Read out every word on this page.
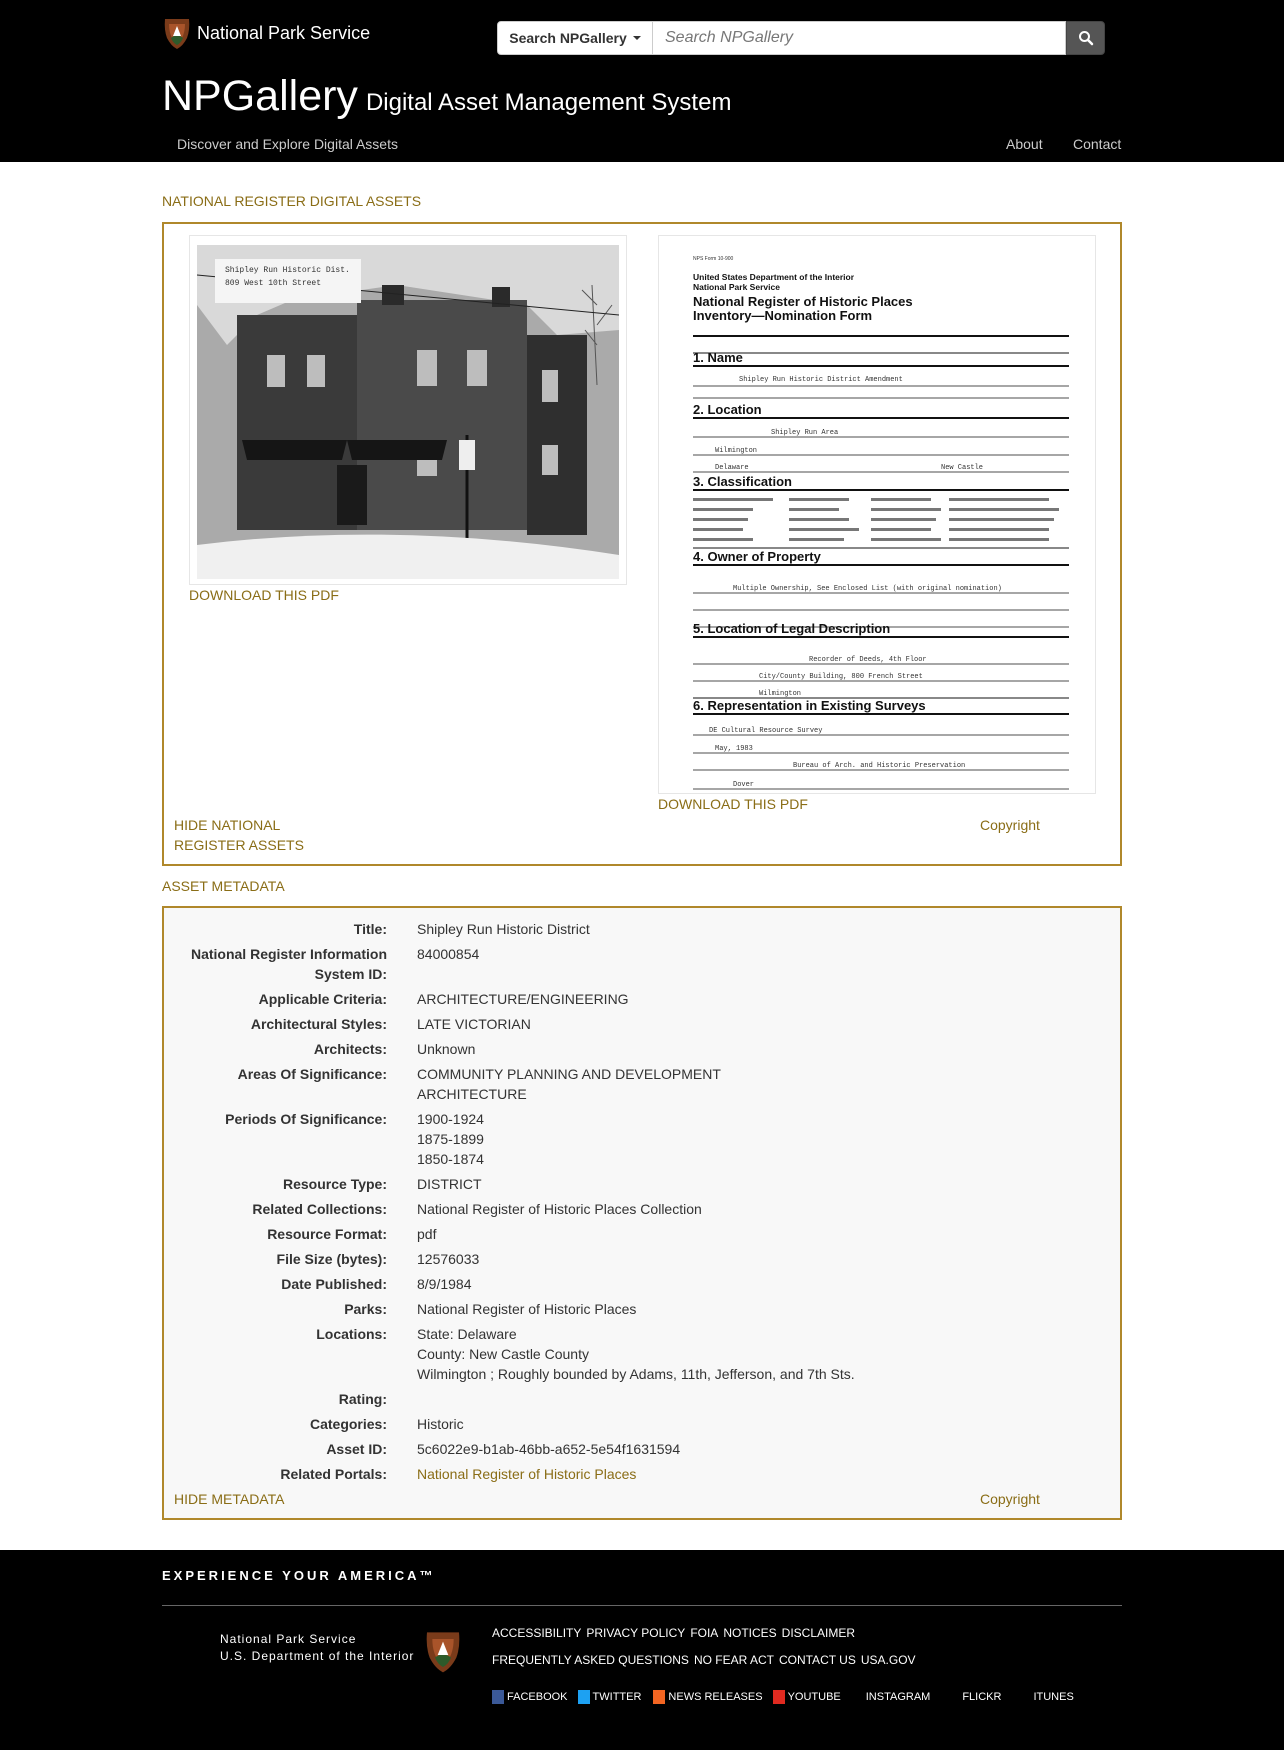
National Park Service	Search NPGallery
Search NPGallery
NPGallery Digital Asset Management System
Discover and Explore Digital Assets	About Contact
NATIONAL REGISTER DIGITAL ASSETS
Shipley Run Historic Dist.
809 West 10th Street
DOWNLOAD THIS PDF
NPS Form 10-900
United States Department of the Interior
National Park Service
National Register of Historic Places
Inventory—Nomination Form
1. Name
Shipley Run Historic District Amendment
2. Location
Shipley Run Area
Wilmington
Delaware	New Castle
3. Classification
4. Owner of Property
Multiple Ownership, See Enclosed List (with original nomination)
5. Location of Legal Description
Recorder of Deeds, 4th Floor
City/County Building, 800 French Street
Wilmington
6. Representation in Existing Surveys
DE Cultural Resource Survey
May, 1983
Bureau of Arch. and Historic Preservation
Dover
DOWNLOAD THIS PDF
HIDE NATIONAL
REGISTER ASSETS
Copyright
ASSET METADATA
Title: Shipley Run Historic District
National Register Information
System ID:
84000854
Applicable Criteria: ARCHITECTURE/ENGINEERING
Architectural Styles: LATE VICTORIAN
Architects: Unknown
Areas Of Significance: COMMUNITY PLANNING AND DEVELOPMENT
ARCHITECTURE
Periods Of Significance: 1900-1924
1875-1899
1850-1874
Resource Type: DISTRICT
Related Collections: National Register of Historic Places Collection
Resource Format: pdf
File Size (bytes): 12576033
Date Published: 8/9/1984
Parks: National Register of Historic Places
Locations: State: Delaware
County: New Castle County
Wilmington ; Roughly bounded by Adams, 11th, Jefferson, and 7th Sts.
Rating:
Categories: Historic
Asset ID: 5c6022e9-b1ab-46bb-a652-5e54f1631594
Related Portals: National Register of Historic Places
HIDE METADATA	Copyright
EXPERIENCE YOUR AMERICA™
National Park Service
U.S. Department of the Interior
ACCESSIBILITY PRIVACY POLICY FOIA NOTICES DISCLAIMER
FREQUENTLY ASKED QUESTIONS NO FEAR ACT CONTACT US USA.GOV
FACEBOOK TWITTER NEWS RELEASES YOUTUBE INSTAGRAM	FLICKR	ITUNES
